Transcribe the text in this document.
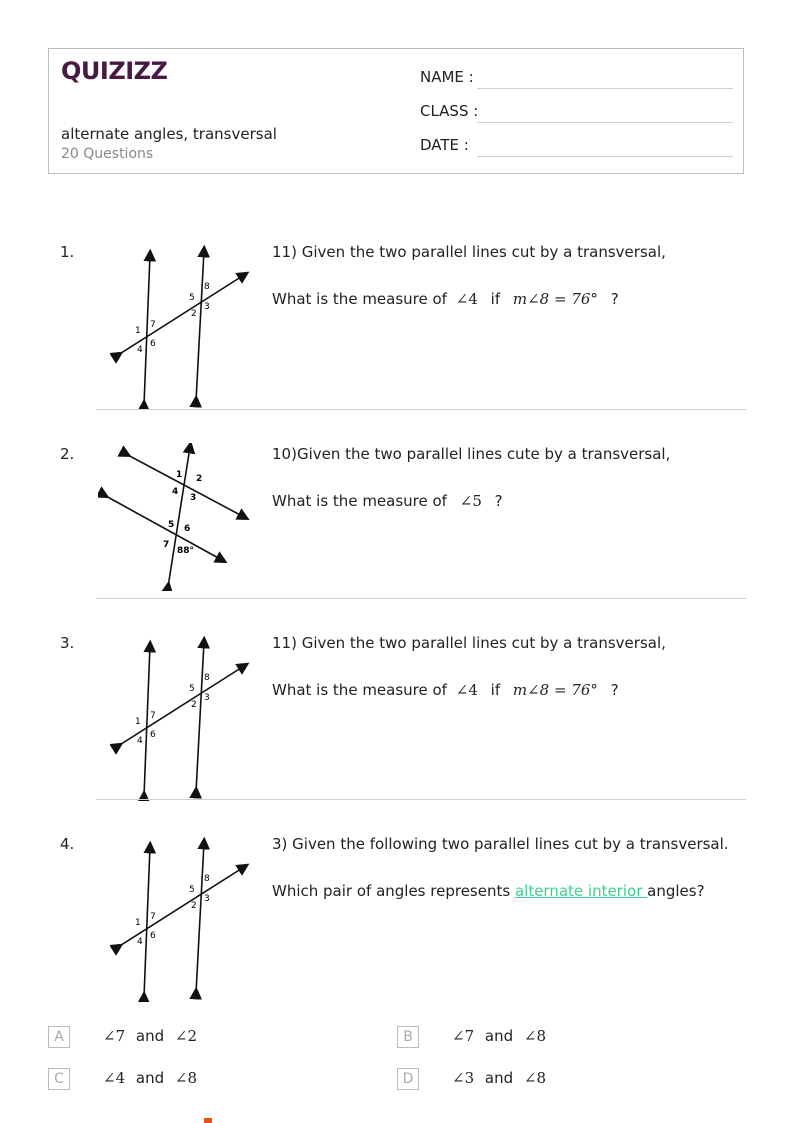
QUIZIZZ
alternate angles, transversal
20 Questions
NAME :
CLASS :
DATE :
1.
1
7
4
6
5
8
2
3
11) Given the two parallel lines cut by a transversal,
What is the measure of ∠4 if m∠8 = 76° ?
2.
1 2
4
3
5 6
7
88°
10)Given the two parallel lines cute by a transversal,
What is the measure of ∠5 ?
3.
1
7
4
6
5
8
2
3
11) Given the two parallel lines cut by a transversal,
What is the measure of ∠4 if m∠8 = 76° ?
4.
1
7
4
6
5
8
2
3
3) Given the following two parallel lines cut by a transversal.
Which pair of angles represents alternate interior angles?
A	∠7 and ∠2	B	∠7 and ∠8
C	∠4 and ∠8	D	∠3 and ∠8
